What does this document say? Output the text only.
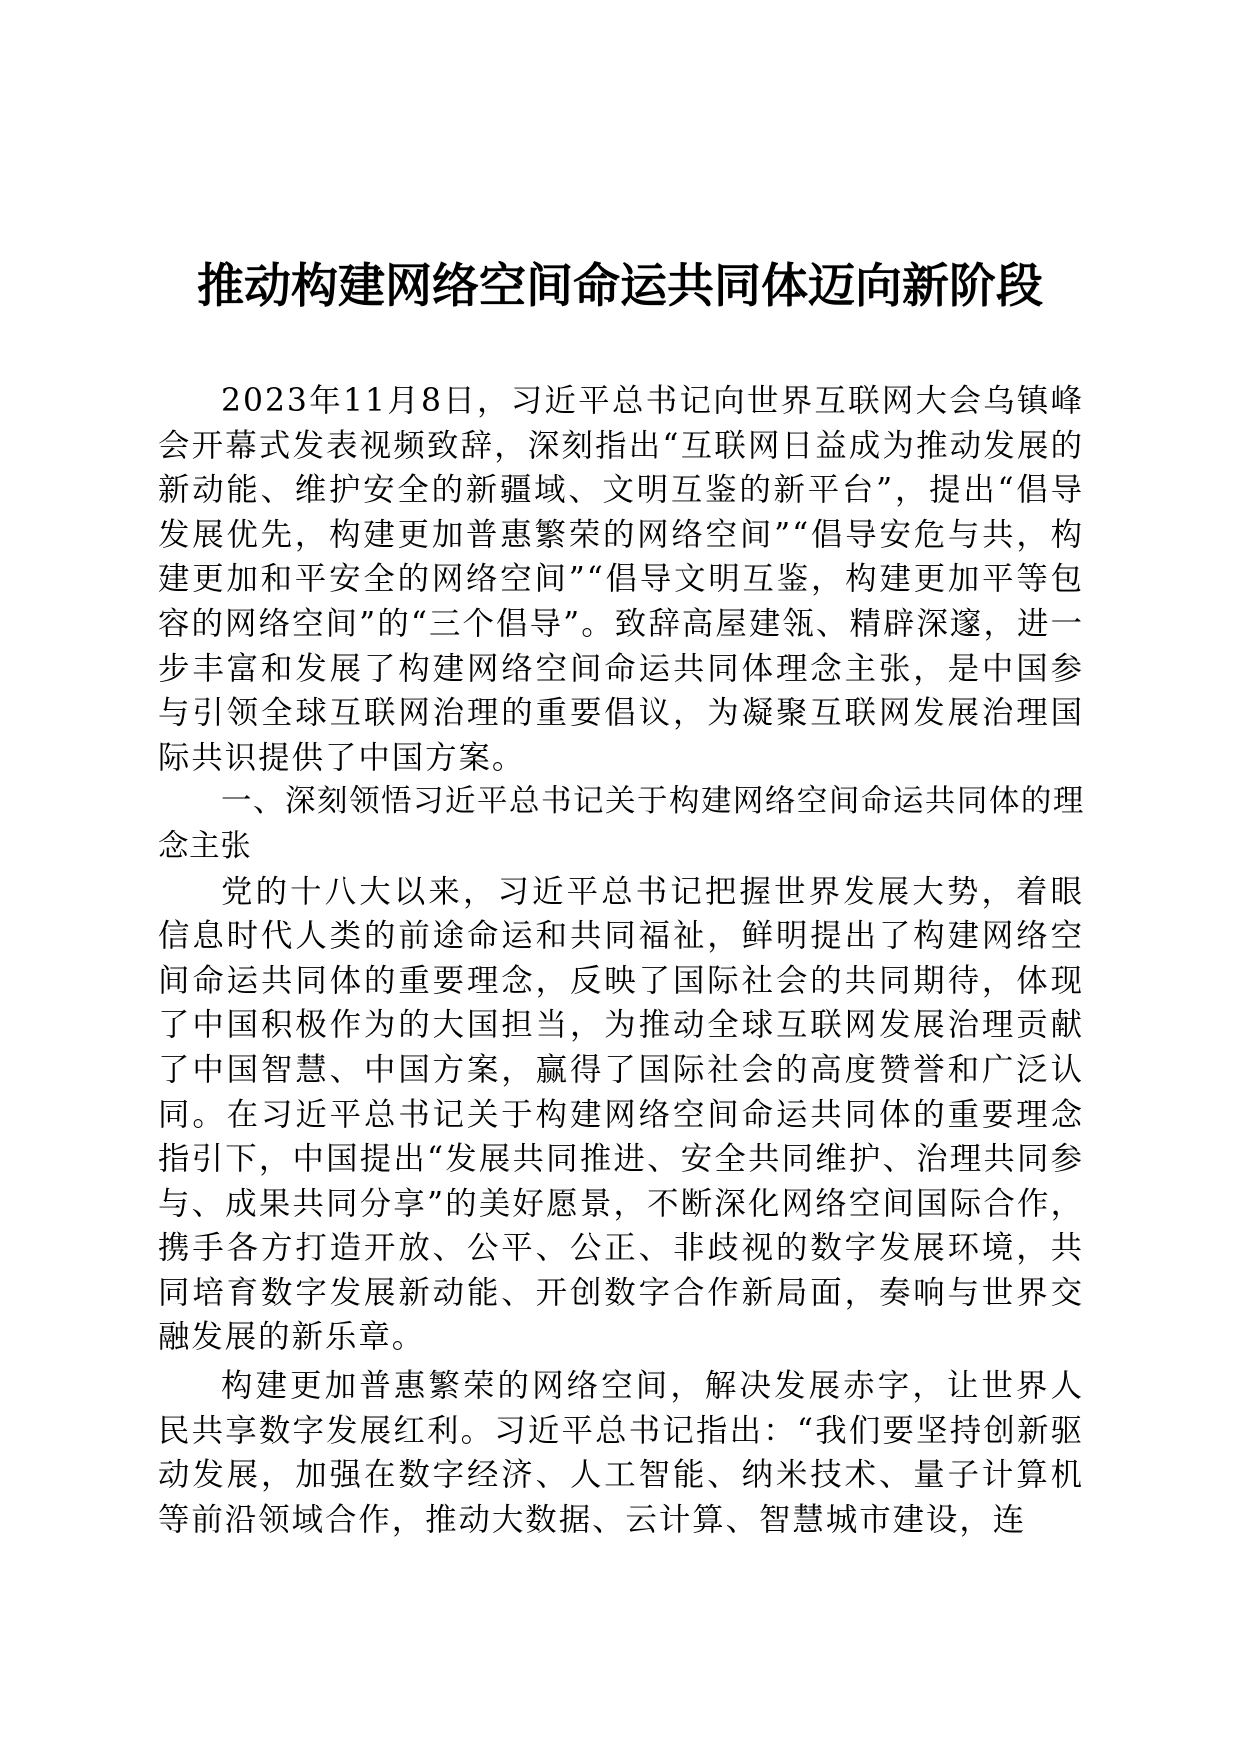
推动构建网络空间命运共同体迈向新阶段

2023年11月8日，习近平总书记向世界互联网大会乌镇峰会开幕式发表视频致辞，深刻指出“互联网日益成为推动发展的新动能、维护安全的新疆域、文明互鉴的新平台”，提出“倡导发展优先，构建更加普惠繁荣的网络空间”“倡导安危与共，构建更加和平安全的网络空间”“倡导文明互鉴，构建更加平等包容的网络空间”的“三个倡导”。致辞高屋建瓴、精辟深邃，进一步丰富和发展了构建网络空间命运共同体理念主张，是中国参与引领全球互联网治理的重要倡议，为凝聚互联网发展治理国际共识提供了中国方案。

一、深刻领悟习近平总书记关于构建网络空间命运共同体的理念主张

党的十八大以来，习近平总书记把握世界发展大势，着眼信息时代人类的前途命运和共同福祉，鲜明提出了构建网络空间命运共同体的重要理念，反映了国际社会的共同期待，体现了中国积极作为的大国担当，为推动全球互联网发展治理贡献了中国智慧、中国方案，赢得了国际社会的高度赞誉和广泛认同。在习近平总书记关于构建网络空间命运共同体的重要理念指引下，中国提出“发展共同推进、安全共同维护、治理共同参与、成果共同分享”的美好愿景，不断深化网络空间国际合作，携手各方打造开放、公平、公正、非歧视的数字发展环境，共同培育数字发展新动能、开创数字合作新局面，奏响与世界交融发展的新乐章。

构建更加普惠繁荣的网络空间，解决发展赤字，让世界人民共享数字发展红利。习近平总书记指出：“我们要坚持创新驱动发展，加强在数字经济、人工智能、纳米技术、量子计算机等前沿领域合作，推动大数据、云计算、智慧城市建设，连
